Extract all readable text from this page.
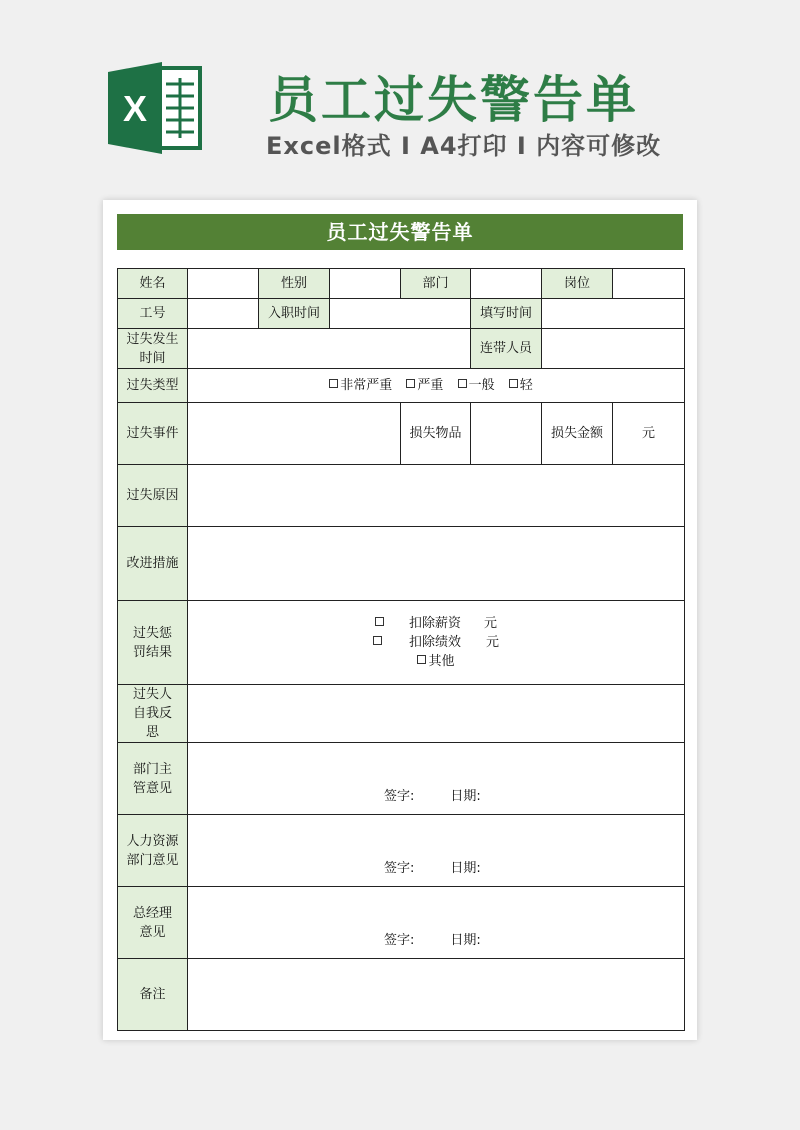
X 员工过失警告单
Excel格式 I A4打印 I 内容可修改
员工过失警告单
姓名		性别		部门		岗位	
工号		入职时间			填写时间		
过失发生时间					连带人员		
过失类型	非常严重 严重 一般 轻						
过失事件				损失物品		损失金额	元
过失原因							
改进措施							
过失惩罚结果	扣除薪资 元
扣除绩效 元
其他						

过失人自我反思							
部门主管意见	签字: 日期:						

人力资源部门意见	签字: 日期:						

总经理意见	签字: 日期:						

备注							
